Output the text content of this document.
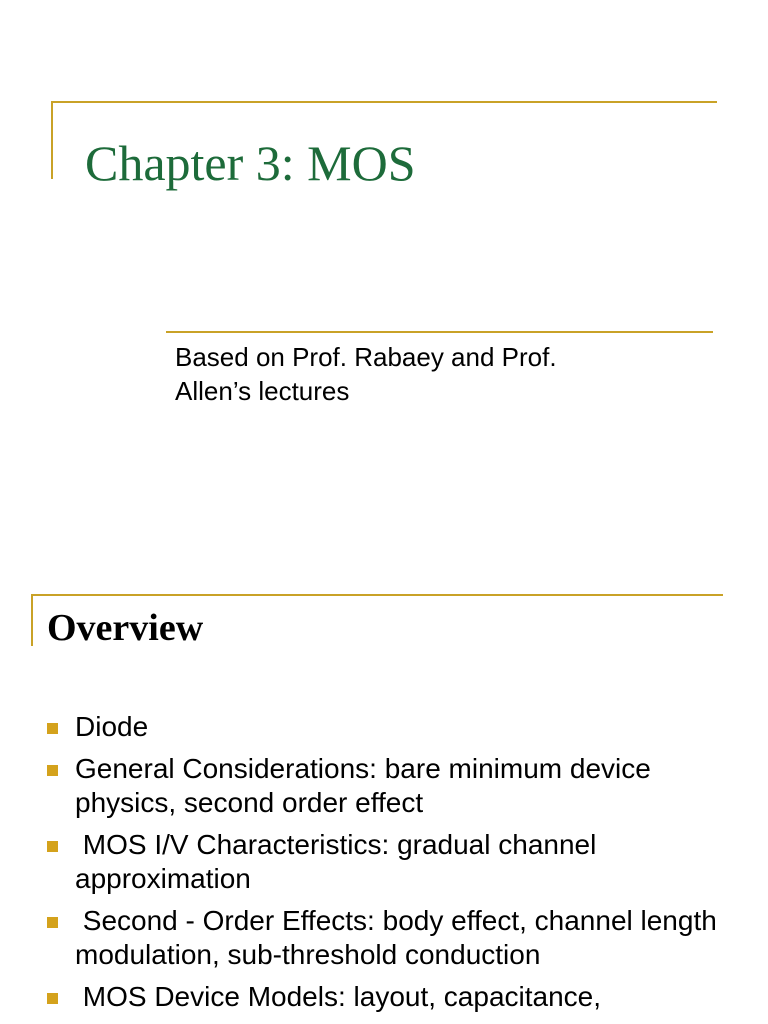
Chapter 3: MOS

Based on Prof. Rabaey and Prof.
Allen’s lectures

Overview
Diode
General Considerations: bare minimum device physics, second order effect
MOS I/V Characteristics: gradual channel approximation
Second - Order Effects: body effect, channel length modulation, sub-threshold conduction
MOS Device Models: layout, capacitance,
